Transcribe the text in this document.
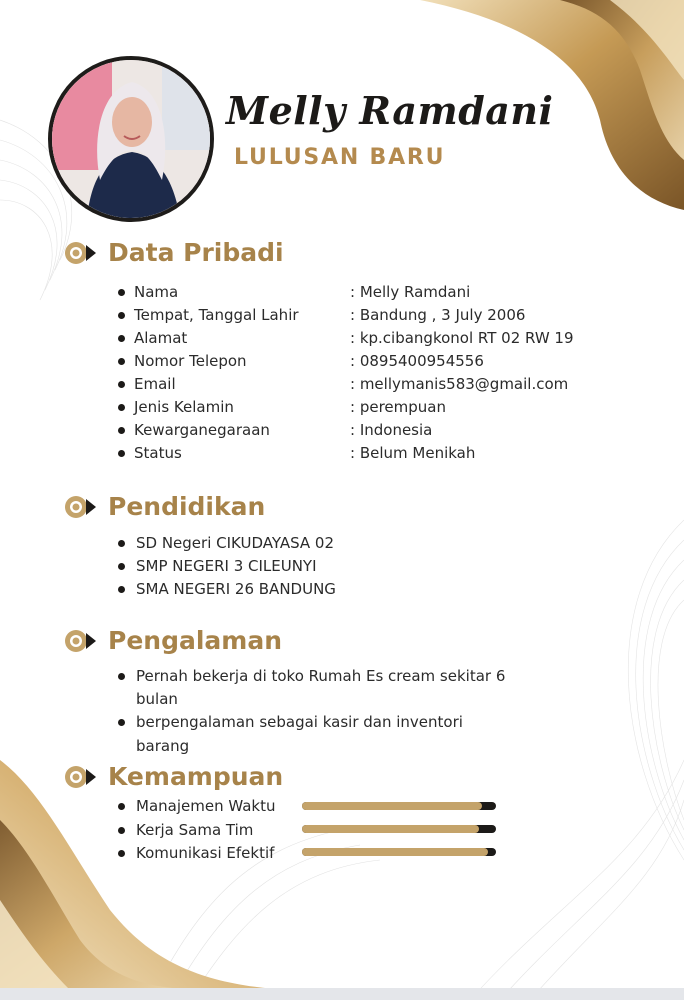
Melly Ramdani
LULUSAN BARU
Data Pribadi
Nama	: Melly Ramdani
Tempat, Tanggal Lahir	: Bandung , 3 July 2006
Alamat	: kp.cibangkonol RT 02 RW 19
Nomor Telepon	: 0895400954556
Email	: mellymanis583@gmail.com
Jenis Kelamin	: perempuan
Kewarganegaraan	: Indonesia
Status	: Belum Menikah
Pendidikan
SD Negeri CIKUDAYASA 02
SMP NEGERI 3 CILEUNYI
SMA NEGERI 26 BANDUNG
Pengalaman
Pernah bekerja di toko Rumah Es cream sekitar 6
bulan
berpengalaman sebagai kasir dan inventori
barang
Kemampuan
Manajemen Waktu
Kerja Sama Tim
Komunikasi Efektif
